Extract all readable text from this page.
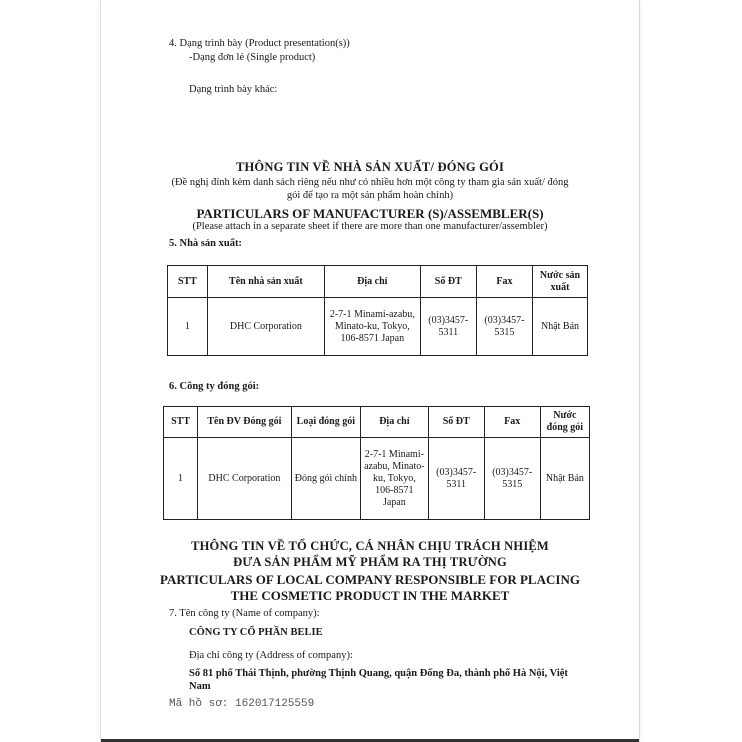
4. Dạng trình bày (Product presentation(s))
-Dạng đơn lẻ (Single product)
Dạng trình bày khác:
THÔNG TIN VỀ NHÀ SẢN XUẤT/ ĐÓNG GÓI
(Đề nghị đính kèm danh sách riêng nếu như có nhiều hơn một công ty tham gia sản xuất/ đóng
gói để tạo ra một sản phẩm hoàn chỉnh)
PARTICULARS OF MANUFACTURER (S)/ASSEMBLER(S)
(Please attach in a separate sheet if there are more than one manufacturer/assembler)
5. Nhà sản xuất:
STT	Tên nhà sản xuất	Địa chỉ	Số ĐT	Fax	Nước sản xuất
1	DHC Corporation	2-7-1 Minami-azabu, Minato-ku, Tokyo, 106-8571 Japan	(03)3457-5311	(03)3457-5315	Nhật Bản
6. Công ty đóng gói:
STT	Tên ĐV Đóng gói	Loại đóng gói	Địa chỉ	Số ĐT	Fax	Nước đóng gói
1	DHC Corporation	Đóng gói chính	2-7-1 Minami-azabu, Minato-ku, Tokyo, 106-8571 Japan	(03)3457-5311	(03)3457-5315	Nhật Bản
THÔNG TIN VỀ TỔ CHỨC, CÁ NHÂN CHỊU TRÁCH NHIỆM
ĐƯA SẢN PHẨM MỸ PHẨM RA THỊ TRƯỜNG
PARTICULARS OF LOCAL COMPANY RESPONSIBLE FOR PLACING
THE COSMETIC PRODUCT IN THE MARKET
7. Tên công ty (Name of company):
CÔNG TY CỔ PHẦN BELIE
Địa chỉ công ty (Address of company):
Số 81 phố Thái Thịnh, phường Thịnh Quang, quận Đống Đa, thành phố Hà Nội, Việt
Nam
Mã hồ sơ: 162017125559
